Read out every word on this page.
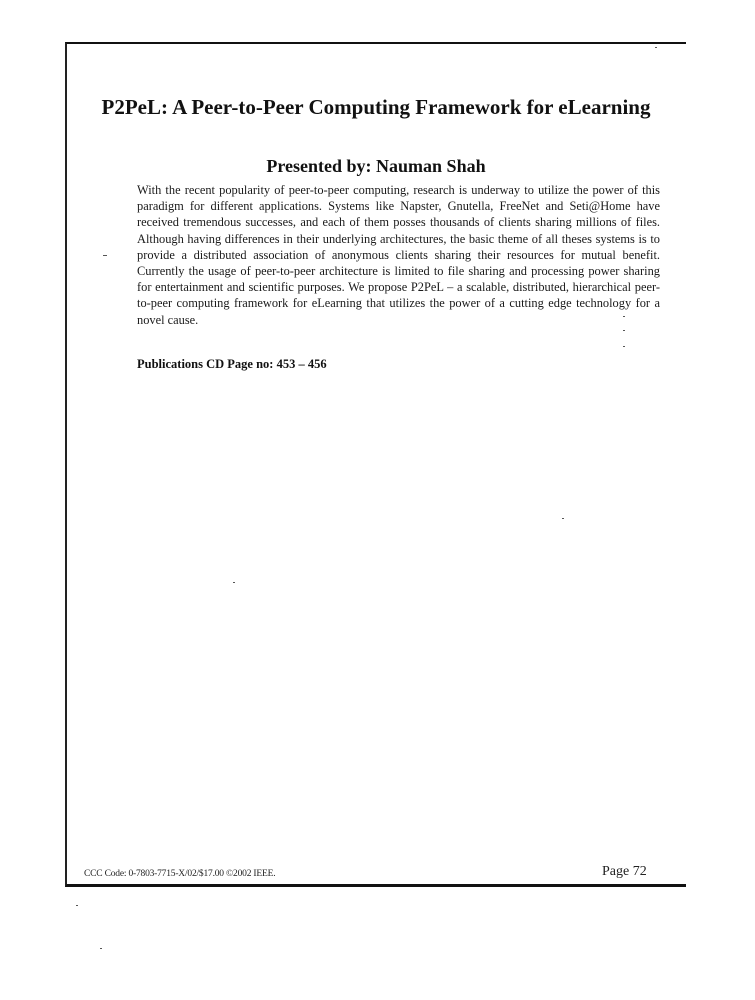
P2PeL: A Peer-to-Peer Computing Framework for eLearning
Presented by: Nauman Shah

With the recent popularity of peer-to-peer computing, research is underway to utilize the power of this paradigm for different applications. Systems like Napster, Gnutella, FreeNet and Seti@Home have received tremendous successes, and each of them posses thousands of clients sharing millions of files. Although having differences in their underlying architectures, the basic theme of all theses systems is to provide a distributed association of anonymous clients sharing their resources for mutual benefit. Currently the usage of peer-to-peer architecture is limited to file sharing and processing power sharing for entertainment and scientific purposes. We propose P2PeL – a scalable, distributed, hierarchical peer-to-peer computing framework for eLearning that utilizes the power of a cutting edge technology for a novel cause.

Publications CD Page no: 453 – 456

CCC Code: 0-7803-7715-X/02/$17.00 ©2002 IEEE.	Page 72
